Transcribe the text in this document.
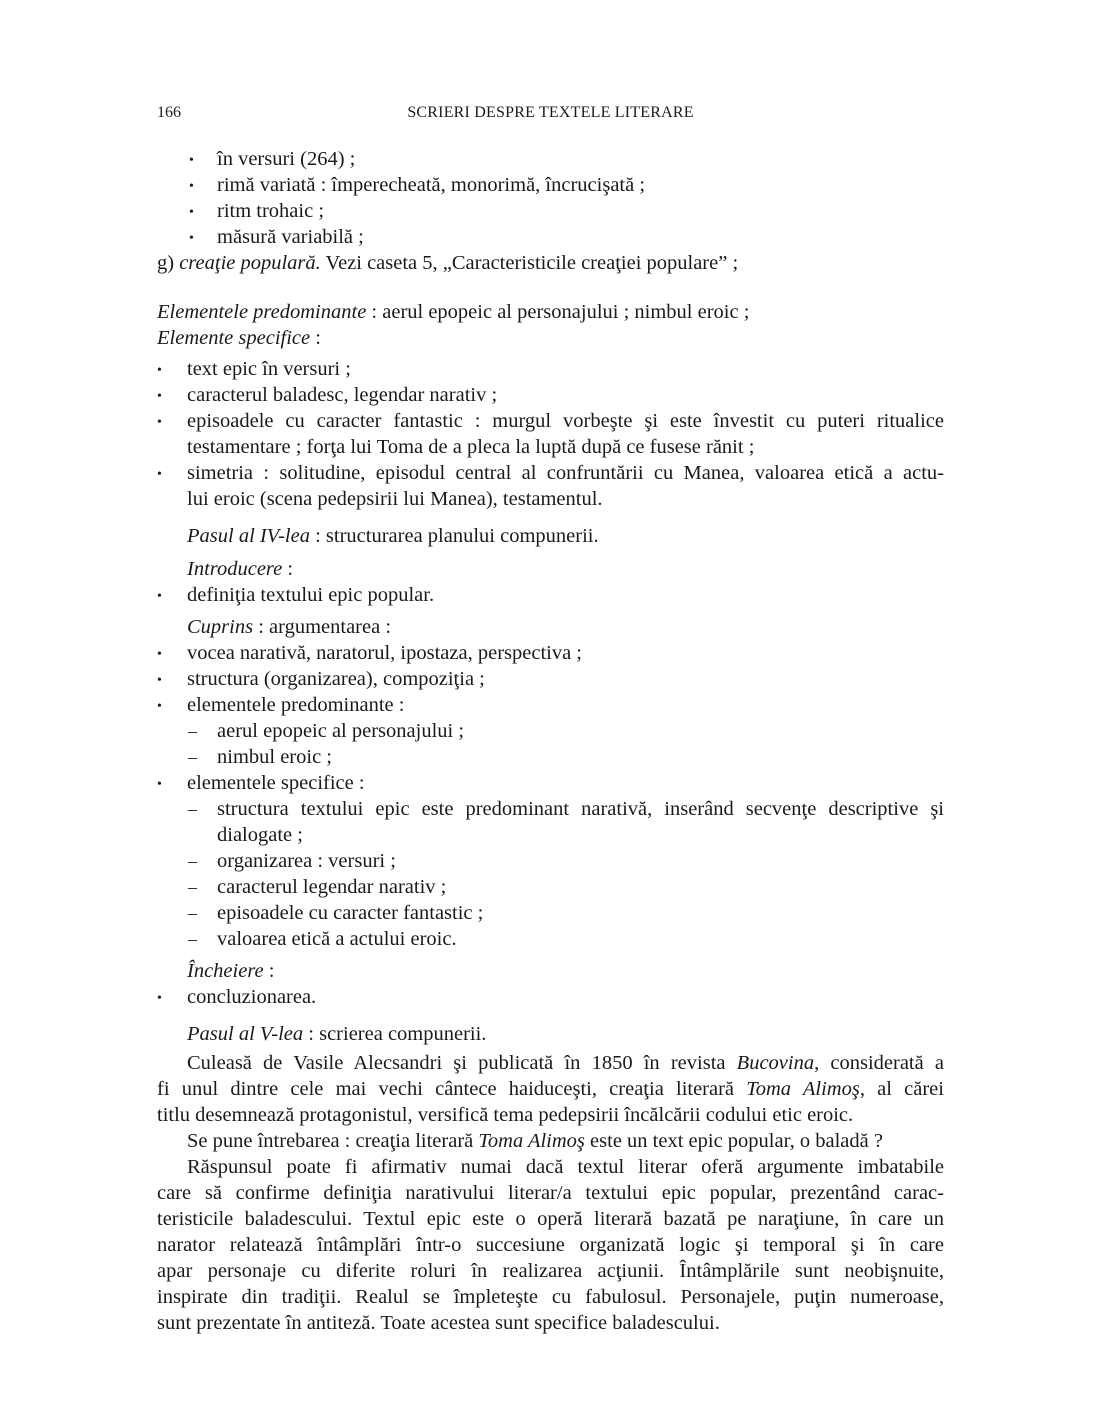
166	SCRIERI DESPRE TEXTELE LITERARE
• în versuri (264) ;
• rimă variată : împerecheată, monorimă, încrucişată ;
• ritm trohaic ;
• măsură variabilă ;
g) creaţie populară. Vezi caseta 5, „Caracteristicile creaţiei populare” ;
Elementele predominante : aerul epopeic al personajului ; nimbul eroic ;
Elemente specifice :
• text epic în versuri ;
• caracterul baladesc, legendar narativ ;
• episoadele cu caracter fantastic : murgul vorbeşte şi este învestit cu puteri ritualice
testamentare ; forţa lui Toma de a pleca la luptă după ce fusese rănit ;
• simetria : solitudine, episodul central al confruntării cu Manea, valoarea etică a actu-
lui eroic (scena pedepsirii lui Manea), testamentul.
Pasul al IV-lea : structurarea planului compunerii.
Introducere :
• definiţia textului epic popular.
Cuprins : argumentarea :
• vocea narativă, naratorul, ipostaza, perspectiva ;
• structura (organizarea), compoziţia ;
• elementele predominante :
– aerul epopeic al personajului ;
– nimbul eroic ;
• elementele specifice :
– structura textului epic este predominant narativă, inserând secvenţe descriptive şi
dialogate ;
– organizarea : versuri ;
– caracterul legendar narativ ;
– episoadele cu caracter fantastic ;
– valoarea etică a actului eroic.
Încheiere :
• concluzionarea.
Pasul al V-lea : scrierea compunerii.
Culeasă de Vasile Alecsandri şi publicată în 1850 în revista Bucovina, considerată a
fi unul dintre cele mai vechi cântece haiduceşti, creaţia literară Toma Alimoş, al cărei
titlu desemnează protagonistul, versifică tema pedepsirii încălcării codului etic eroic.
Se pune întrebarea : creaţia literară Toma Alimoş este un text epic popular, o baladă ?
Răspunsul poate fi afirmativ numai dacă textul literar oferă argumente imbatabile
care să confirme definiţia narativului literar/a textului epic popular, prezentând carac-
teristicile baladescului. Textul epic este o operă literară bazată pe naraţiune, în care un
narator relatează întâmplări într-o succesiune organizată logic şi temporal şi în care
apar personaje cu diferite roluri în realizarea acţiunii. Întâmplările sunt neobişnuite,
inspirate din tradiţii. Realul se împleteşte cu fabulosul. Personajele, puţin numeroase,
sunt prezentate în antiteză. Toate acestea sunt specifice baladescului.
